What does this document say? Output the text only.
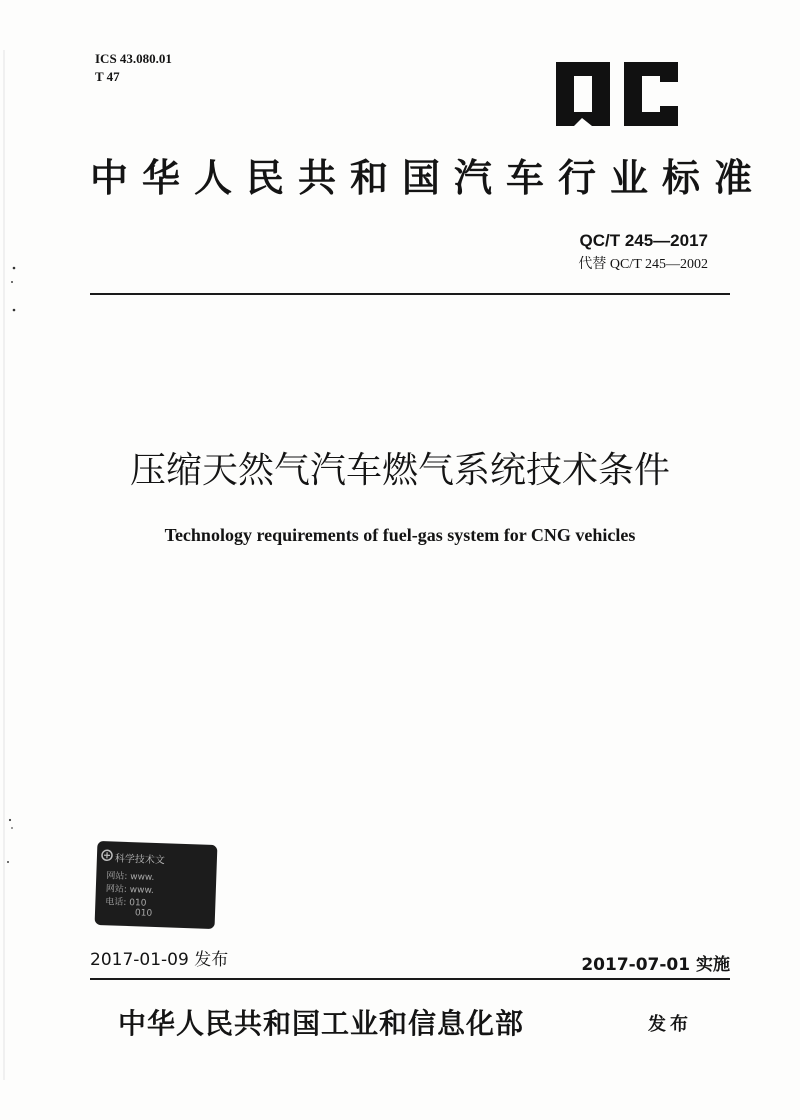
ICS 43.080.01
T 47
中华人民共和国汽车行业标准
QC/T 245—2017
代替 QC/T 245—2002
压缩天然气汽车燃气系统技术条件
Technology requirements of fuel-gas system for CNG vehicles
科学技术文
网站: www.
网站: www.
电话: 010
010
2017-01-09 发布	2017-07-01 实施
中华人民共和国工业和信息化部	发布
